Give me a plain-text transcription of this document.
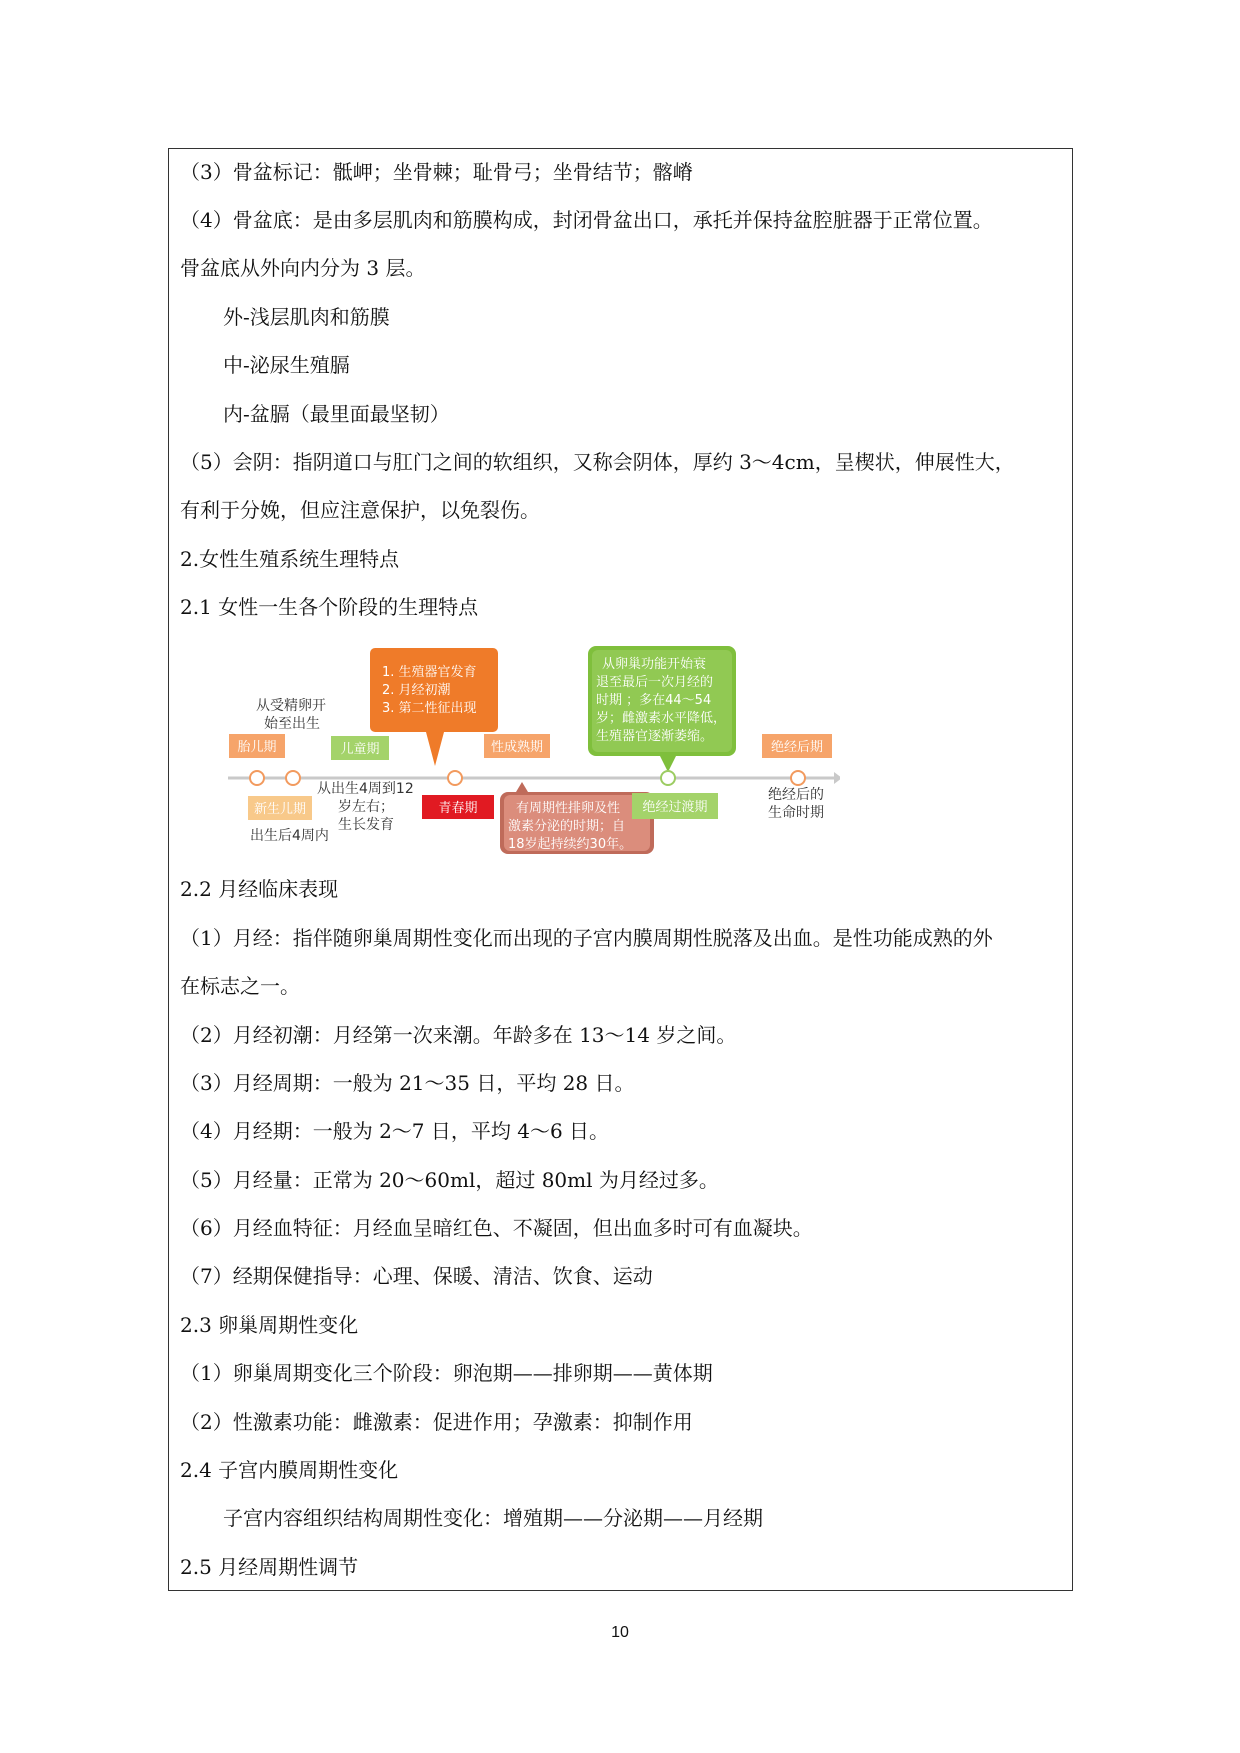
（3）骨盆标记：骶岬；坐骨棘；耻骨弓；坐骨结节；髂嵴
（4）骨盆底：是由多层肌肉和筋膜构成，封闭骨盆出口，承托并保持盆腔脏器于正常位置。
骨盆底从外向内分为 3 层。
外-浅层肌肉和筋膜
中-泌尿生殖膈
内-盆膈（最里面最坚韧）
（5）会阴：指阴道口与肛门之间的软组织，又称会阴体，厚约 3～4cm，呈楔状，伸展性大，
有利于分娩，但应注意保护，以免裂伤。
2.女性生殖系统生理特点
2.1 女性一生各个阶段的生理特点
从受精卵开
始至出生
胎儿期
新生儿期
出生后4周内
儿童期
从出生4周到12
岁左右；
生长发育
1. 生殖器官发育
2. 月经初潮
3. 第二性征出现
青春期
性成熟期
有周期性排卵及性
激素分泌的时期；自
18岁起持续约30年。
从卵巢功能开始衰
退至最后一次月经的
时期 ；多在44～54
岁；雌激素水平降低，
生殖器官逐渐萎缩。
绝经过渡期
绝经后期
绝经后的
生命时期
2.2 月经临床表现
（1）月经：指伴随卵巢周期性变化而出现的子宫内膜周期性脱落及出血。是性功能成熟的外
在标志之一。
（2）月经初潮：月经第一次来潮。年龄多在 13～14 岁之间。
（3）月经周期：一般为 21～35 日，平均 28 日。
（4）月经期：一般为 2～7 日，平均 4～6 日。
（5）月经量：正常为 20～60ml，超过 80ml 为月经过多。
（6）月经血特征：月经血呈暗红色、不凝固，但出血多时可有血凝块。
（7）经期保健指导：心理、保暖、清洁、饮食、运动
2.3 卵巢周期性变化
（1）卵巢周期变化三个阶段：卵泡期——排卵期——黄体期
（2）性激素功能：雌激素：促进作用；孕激素：抑制作用
2.4 子宫内膜周期性变化
子宫内容组织结构周期性变化：增殖期——分泌期——月经期
2.5 月经周期性调节
10
